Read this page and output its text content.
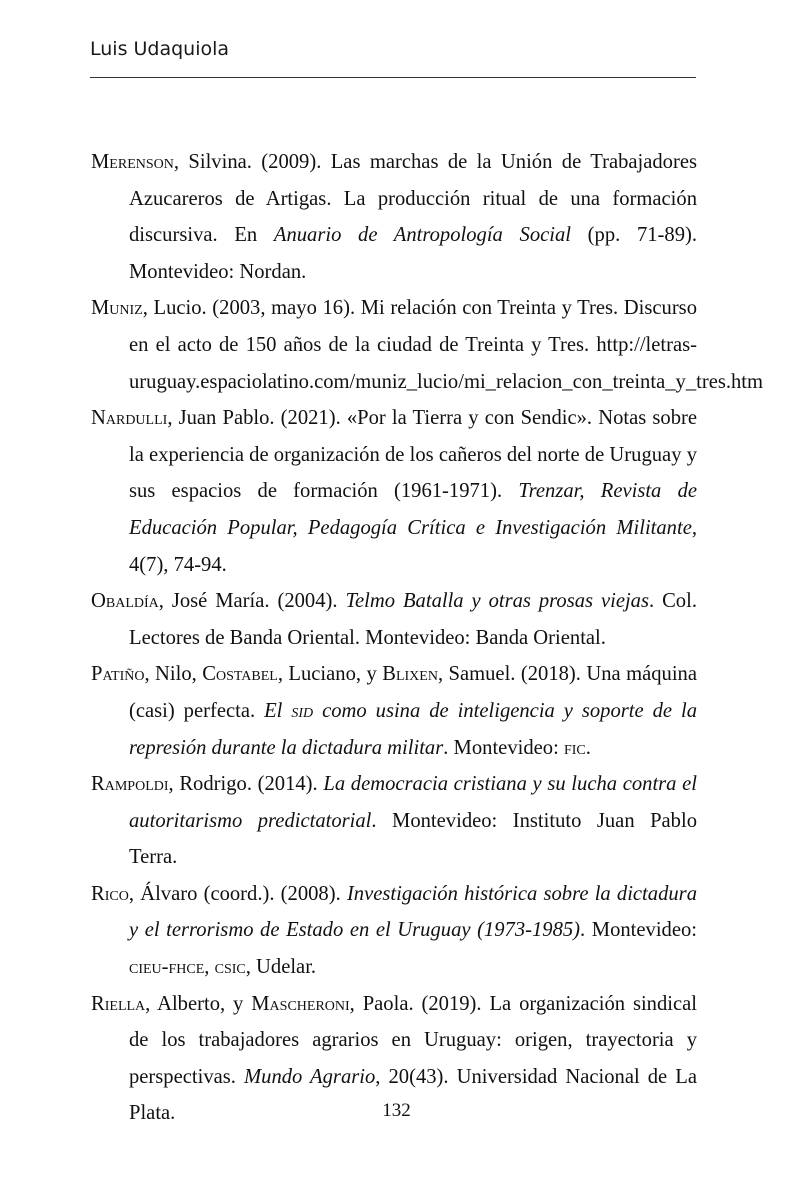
Luis Udaquiola
Merenson, Silvina. (2009). Las marchas de la Unión de Trabajadores Azucareros de Artigas. La producción ritual de una formación discursiva. En Anuario de Antropología Social (pp. 71-89). Montevideo: Nordan.
Muniz, Lucio. (2003, mayo 16). Mi relación con Treinta y Tres. Discurso en el acto de 150 años de la ciudad de Treinta y Tres. http://letras-uruguay.espaciolatino.com/muniz_lucio/mi_relacion_con_treinta_y_tres.htm
Nardulli, Juan Pablo. (2021). «Por la Tierra y con Sendic». Notas sobre la experiencia de organización de los cañeros del norte de Uruguay y sus espacios de formación (1961-1971). Trenzar, Revista de Educación Popular, Pedagogía Crítica e Investigación Militante, 4(7), 74-94.
Obaldía, José María. (2004). Telmo Batalla y otras prosas viejas. Col. Lectores de Banda Oriental. Montevideo: Banda Oriental.
Patiño, Nilo, Costabel, Luciano, y Blixen, Samuel. (2018). Una máquina (casi) perfecta. El sid como usina de inteligencia y soporte de la represión durante la dictadura militar. Montevideo: fic.
Rampoldi, Rodrigo. (2014). La democracia cristiana y su lucha contra el autoritarismo predictatorial. Montevideo: Instituto Juan Pablo Terra.
Rico, Álvaro (coord.). (2008). Investigación histórica sobre la dictadura y el terrorismo de Estado en el Uruguay (1973-1985). Montevideo: cieu-fhce, csic, Udelar.
Riella, Alberto, y Mascheroni, Paola. (2019). La organización sindical de los trabajadores agrarios en Uruguay: origen, trayectoria y perspectivas. Mundo Agrario, 20(43). Universidad Nacional de La Plata.	132
